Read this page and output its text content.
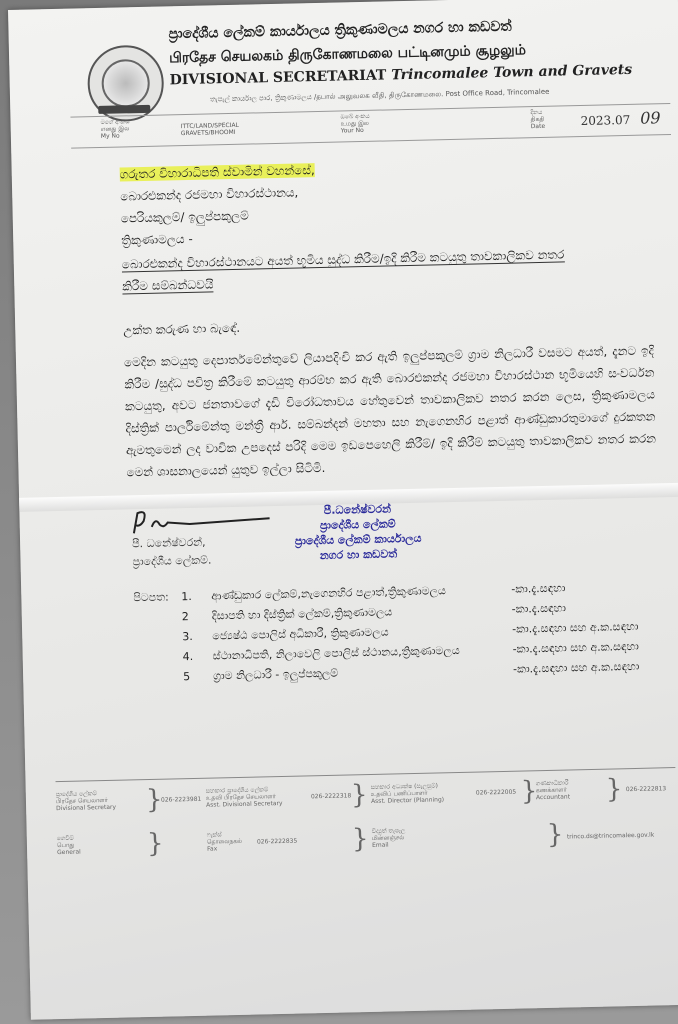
ප්‍රාදේශීය ලේකම් කාර්යාලය ත්‍රිකුණාමලය නගර හා කඩවත්
பிரதேச செயலகம் திருகோணமலை பட்டினமும் சூழலும்
DIVISIONAL SECRETARIAT Trincomalee Town and Gravets
තැපැල් කාර්යාල පාර, ත්‍රිකුණාමලය /தபால் அலுவலக வீதி, திருகோணமலை. Post Office Road, Trincomalee
මගේ අංකය
எனது இல
My No
ITTC/LAND/SPECIAL
GRAVETS/BHOOMI
ඔබේ අංකය
உமது இல
Your No
දිනය
திகதி
Date	2023.07 09
ගරුතර විහාරාධිපති ස්වාමින් වහන්සේ,
බොරළුකන්ද රජමහා විහාරස්ථානය,
පෙරියකුලම්/ ඉලුප්පකුලම්
ත්‍රිකුණාමලය -
බොරළුකන්ද විහාරස්ථානයට අයත් භූමිය සුද්ධ කිරීම/ඉදි කිරීම කටයුතු තාවකාලිකව නතර
කිරීම සම්බන්ධවයි
උක්ත කරුණ හා බැඳේ.
මෙදින කටයුතු දෙපාර්තමේන්තුවේ ලියාපදිංචි කර ඇති ඉලුප්පකුලම් ග්‍රාම නිලධාරී වසමට අයත්, දැනට ඉදි කිරීම /සුද්ධ පවිත්‍ර කිරීමේ කටයුතු ආරම්භ කර ඇති බොරළුකන්ද රජමහා විහාරස්ථාන භූමියෙහි සංවර්ධන කටයුතු, අවට ජනතාවගේ දැඩි විරෝධතාවය හේතුවෙන් තාවකාලිකව නතර කරන ලෙස, ත්‍රිකුණාමලය දිස්ත්‍රික් පාර්ලිමේන්තු මන්ත්‍රී ආර්. සම්බන්දන් මහතා සහ නැගෙනහිර පළාත් ආණ්ඩුකාරතුමාගේ දුරකතන ඇමතුමෙන් ලද වාචික උපදෙස් පරිදි මෙම ඉඩපෙහෙලි කිරීම්/ ඉදි කිරීම් කටයුතු තාවකාලිකව නතර කරන මෙන් ශාසනාලයෙන් යුතුව ඉල්ලා සිටිමි.
පී. ධනේෂ්වරන්,
ප්‍රාදේශීය ලේකම්.
පී.ධනේෂ්වරන්
ප්‍රාදේශීය ලේකම්
ප්‍රාදේශීය ලේකම් කාර්යාලය
නගර හා කඩවත්
පිටපත: 1. ආණ්ඩුකාර ලේකම්,නැගෙනහිර පළාත්,ත්‍රිකුණාමලය	-කා.දැ.සඳහා
2 දිසාපති හා දිස්ත්‍රික් ලේකම්,ත්‍රිකුණාමලය	-කා.දැ.සඳහා
3. ජ්‍යෙෂ්ඨ පොලිස් අධිකාරී, ත්‍රිකුණාමලය	-කා.දැ.සඳහා සහ අ.ක.සඳහා
4. ස්ථානාධිපති, නිලාවෙලි පොලිස් ස්ථානය,ත්‍රිකුණාමලය	-කා.දැ.සඳහා සහ අ.ක.සඳහා
5 ග්‍රාම නිලධාරී - ඉලුප්පකුලම්	-කා.දැ.සඳහා සහ අ.ක.සඳහා
ප්‍රාදේශීය ලේකම්
பிரதேச செயலாளர்
Divisional Secretary }
026-2223981
සහකාර ප්‍රාදේශීය ලේකම්
உதவி பிரதேச செயலாளர்
Asst. Divisional Secretary
026-2222318 } සහකාර අධ්‍යක්ෂ (සැලසුම්)
உதவிப் பணிப்பாளர்
Asst. Director (Planning)
026-2222005 }
ගණකාධිකාරී
கணக்காளர்
Accountant } 026-2222813
ගෙවීම්
பொது
General	}	ෆැක්ස්
தொலைநகல்
Fax
026-2222835 } විද්‍යුත් තැපෑල
மின்னஞ்சல்
Email	} trinco.ds@trincomalee.gov.lk
